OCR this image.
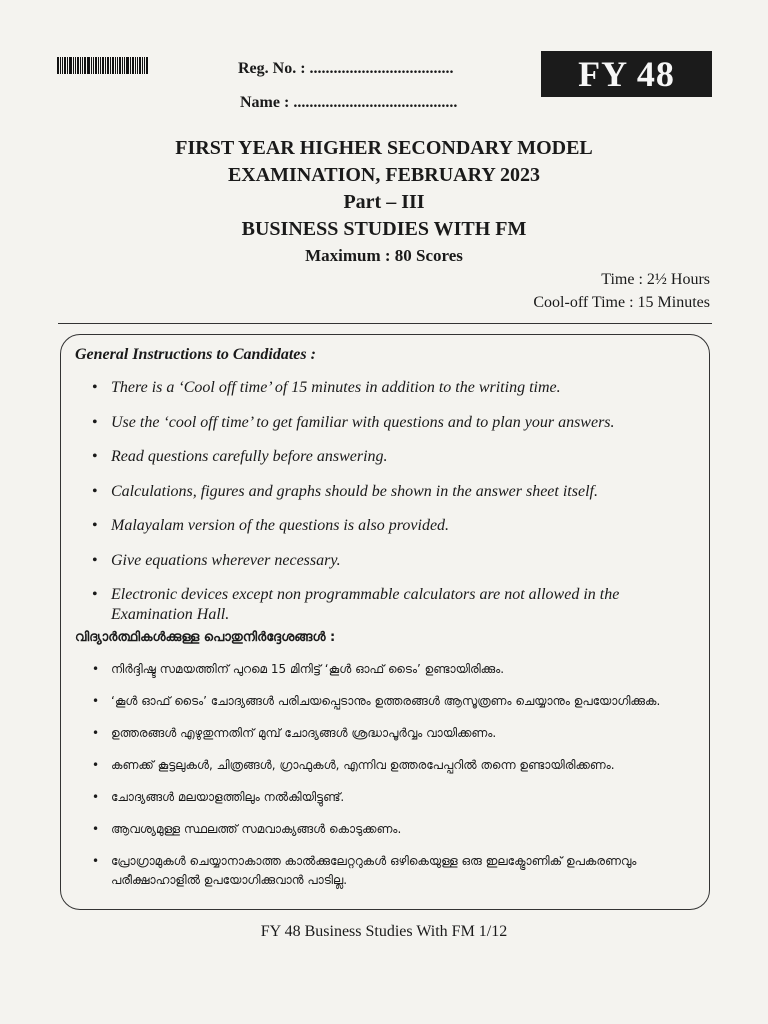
Reg. No. : ....................................
Name : .........................................
FY 48
FIRST YEAR HIGHER SECONDARY MODEL
EXAMINATION, FEBRUARY 2023
Part – III
BUSINESS STUDIES WITH FM
Maximum : 80 Scores
Time : 2½ Hours
Cool-off Time : 15 Minutes
General Instructions to Candidates :
• There is a ‘Cool off time’ of 15 minutes in addition to the writing time.
• Use the ‘cool off time’ to get familiar with questions and to plan your answers.
• Read questions carefully before answering.
• Calculations, figures and graphs should be shown in the answer sheet itself.
• Malayalam version of the questions is also provided.
• Give equations wherever necessary.
• Electronic devices except non programmable calculators are not allowed in the Examination Hall.
വിദ്യാർത്ഥികൾക്കുള്ള പൊതുനിർദ്ദേശങ്ങൾ :
• നിർദ്ദിഷ്ട സമയത്തിന് പുറമെ 15 മിനിട്ട് ‘കൂൾ ഓഫ് ടൈം’ ഉണ്ടായിരിക്കും.
• ‘കൂൾ ഓഫ് ടൈം’ ചോദ്യങ്ങൾ പരിചയപ്പെടാനും ഉത്തരങ്ങൾ ആസൂത്രണം ചെയ്യാനും ഉപയോഗിക്കുക.
• ഉത്തരങ്ങൾ എഴുതുന്നതിന് മുമ്പ് ചോദ്യങ്ങൾ ശ്രദ്ധാപൂർവ്വം വായിക്കണം.
• കണക്ക് കൂട്ടലുകൾ, ചിത്രങ്ങൾ, ഗ്രാഫുകൾ, എന്നിവ ഉത്തരപേപ്പറിൽ തന്നെ ഉണ്ടായിരിക്കണം.
• ചോദ്യങ്ങൾ മലയാളത്തിലും നൽകിയിട്ടുണ്ട്.
• ആവശ്യമുള്ള സ്ഥലത്ത് സമവാക്യങ്ങൾ കൊടുക്കണം.
• പ്രോഗ്രാമുകൾ ചെയ്യാനാകാത്ത കാൽക്കുലേറ്ററുകൾ ഒഴികെയുള്ള ഒരു ഇലക്ട്രോണിക് ഉപകരണവും പരീക്ഷാഹാളിൽ ഉപയോഗിക്കുവാൻ പാടില്ല.
FY 48 Business Studies With FM 1/12
